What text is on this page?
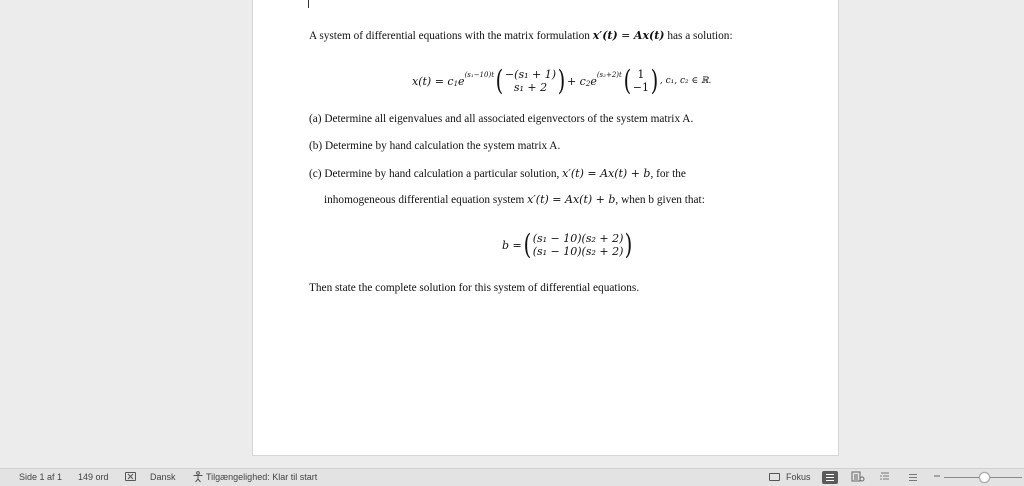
A system of differential equations with the matrix formulation x′(t) = Ax(t) has a solution:
x(t) = c 1 e (s₁−10)t ( −(s₁ + 1)
s₁ + 2 ) + c 2 e (s₂+2)t ( 1
−1 ) , c₁, c₂ ∈ ℝ.
(a) Determine all eigenvalues and all associated eigenvectors of the system matrix A.
(b) Determine by hand calculation the system matrix A.
(c) Determine by hand calculation a particular solution, x′(t) = Ax(t) + b, for the
inhomogeneous differential equation system x′(t) = Ax(t) + b, when b given that:
b = ( (s₁ − 10)(s₂ + 2)
(s₁ − 10)(s₂ + 2) )
Then state the complete solution for this system of differential equations.
Side 1 af 1 149 ord	Dansk	Tilgængelighed: Klar til start	Fokus
